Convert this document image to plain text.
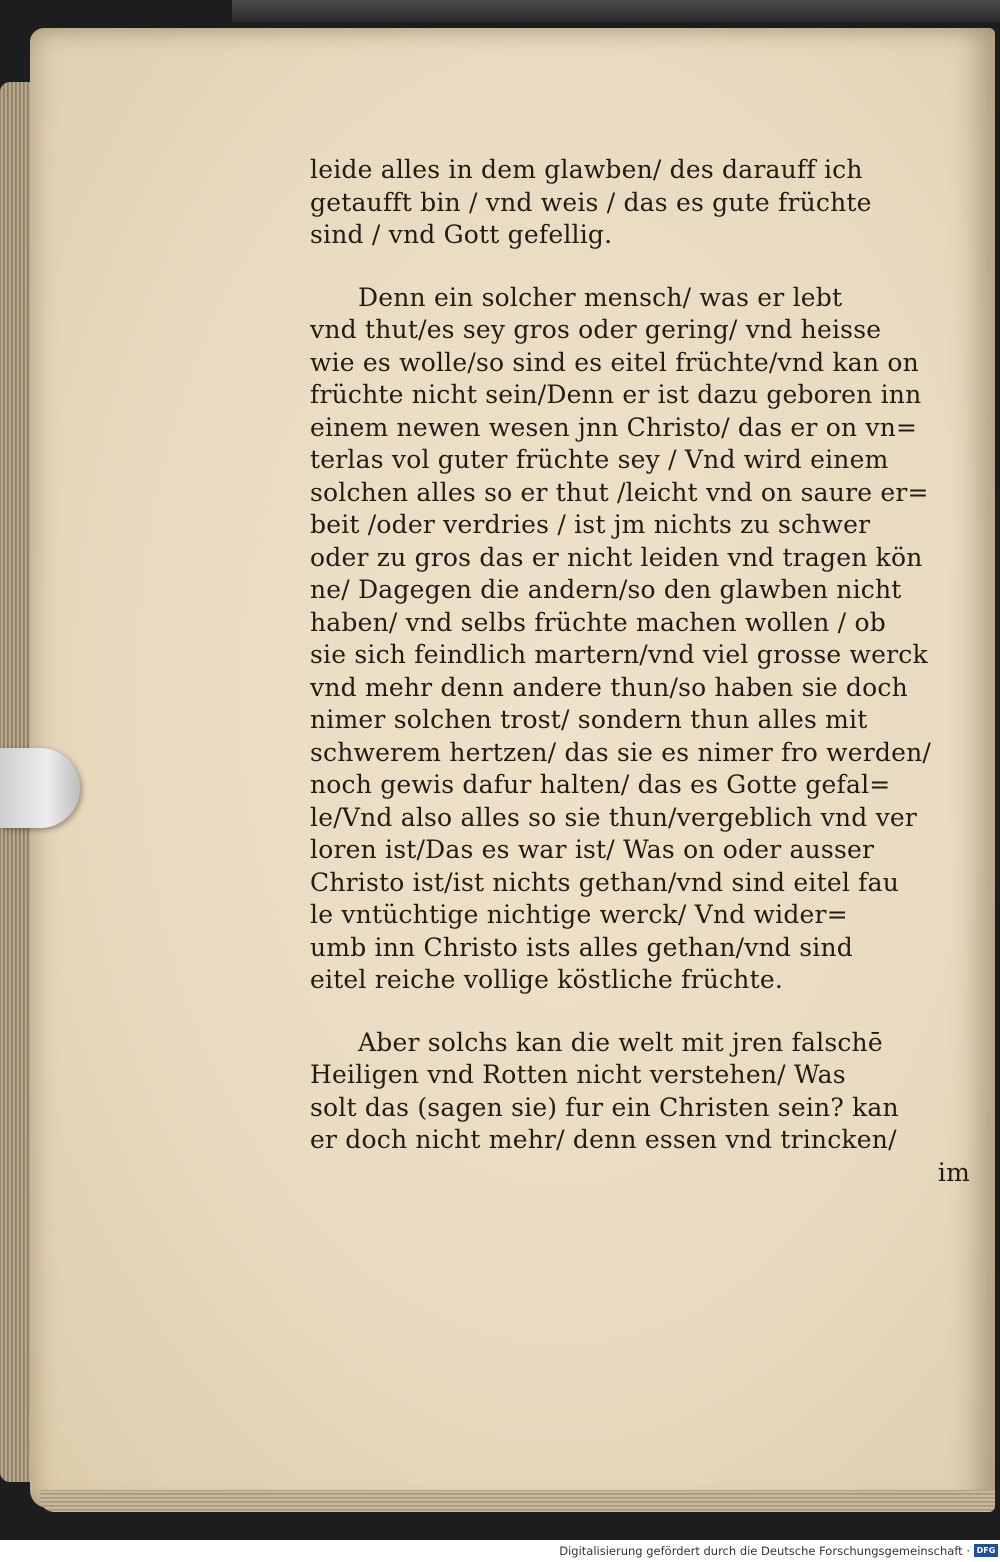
leide alles in dem glawben/ des darauff ich
getaufft bin / vnd weis / das es gute früchte
sind / vnd Gott gefellig.
Denn ein solcher mensch/ was er lebt
vnd thut/es sey gros oder gering/ vnd heisse
wie es wolle/so sind es eitel früchte/vnd kan on
früchte nicht sein/Denn er ist dazu geboren inn
einem newen wesen jnn Christo/ das er on vn=
terlas vol guter früchte sey / Vnd wird einem
solchen alles so er thut /leicht vnd on saure er=
beit /oder verdries / ist jm nichts zu schwer
oder zu gros das er nicht leiden vnd tragen kön
ne/ Dagegen die andern/so den glawben nicht
haben/ vnd selbs früchte machen wollen / ob
sie sich feindlich martern/vnd viel grosse werck
vnd mehr denn andere thun/so haben sie doch
nimer solchen trost/ sondern thun alles mit
schwerem hertzen/ das sie es nimer fro werden/
noch gewis dafur halten/ das es Gotte gefal=
le/Vnd also alles so sie thun/vergeblich vnd ver
loren ist/Das es war ist/ Was on oder ausser
Christo ist/ist nichts gethan/vnd sind eitel fau
le vntüchtige nichtige werck/ Vnd wider=
umb inn Christo ists alles gethan/vnd sind
eitel reiche vollige köstliche früchte.
Aber solchs kan die welt mit jren falschē
Heiligen vnd Rotten nicht verstehen/ Was
solt das (sagen sie) fur ein Christen sein? kan
er doch nicht mehr/ denn essen vnd trincken/
im
Digitalisierung gefördert durch die Deutsche Forschungsgemeinschaft · DFG
